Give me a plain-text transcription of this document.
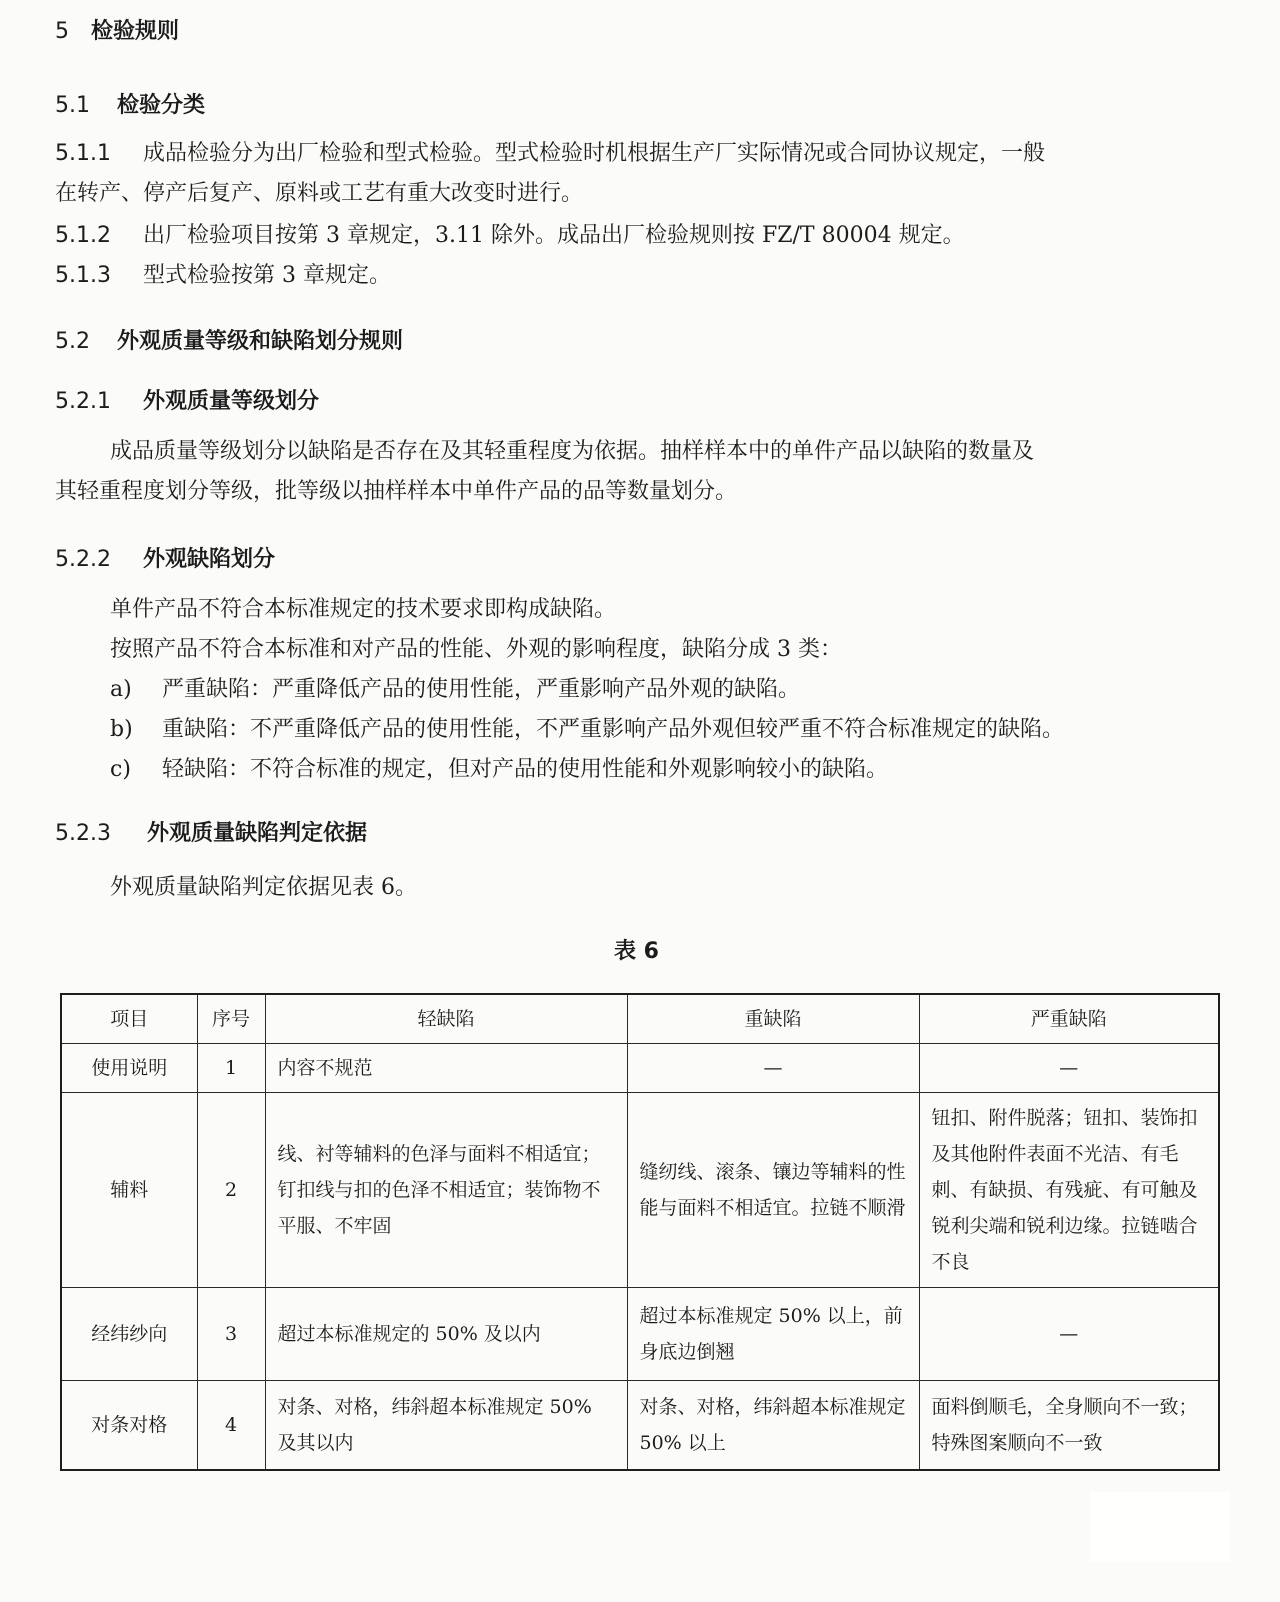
5 检验规则
5.1 检验分类
5.1.1 成品检验分为出厂检验和型式检验。型式检验时机根据生产厂实际情况或合同协议规定，一般
在转产、停产后复产、原料或工艺有重大改变时进行。
5.1.2 出厂检验项目按第 3 章规定，3.11 除外。成品出厂检验规则按 FZ/T 80004 规定。
5.1.3 型式检验按第 3 章规定。
5.2 外观质量等级和缺陷划分规则
5.2.1 外观质量等级划分
成品质量等级划分以缺陷是否存在及其轻重程度为依据。抽样样本中的单件产品以缺陷的数量及
其轻重程度划分等级，批等级以抽样样本中单件产品的品等数量划分。
5.2.2 外观缺陷划分
单件产品不符合本标准规定的技术要求即构成缺陷。
按照产品不符合本标准和对产品的性能、外观的影响程度，缺陷分成 3 类：
a) 严重缺陷：严重降低产品的使用性能，严重影响产品外观的缺陷。
b) 重缺陷：不严重降低产品的使用性能，不严重影响产品外观但较严重不符合标准规定的缺陷。
c) 轻缺陷：不符合标准的规定，但对产品的使用性能和外观影响较小的缺陷。
5.2.3 外观质量缺陷判定依据
外观质量缺陷判定依据见表 6。
表 6
项目	序号	轻缺陷	重缺陷	严重缺陷
使用说明	1	内容不规范	—	—
辅料	2	线、衬等辅料的色泽与面料不相适宜；钉扣线与扣的色泽不相适宜；装饰物不平服、不牢固	缝纫线、滚条、镶边等辅料的性能与面料不相适宜。拉链不顺滑	钮扣、附件脱落；钮扣、装饰扣及其他附件表面不光洁、有毛刺、有缺损、有残疵、有可触及锐利尖端和锐利边缘。拉链啮合不良
经纬纱向	3	超过本标准规定的 50% 及以内	超过本标准规定 50% 以上，前身底边倒翘	—
对条对格	4	对条、对格，纬斜超本标准规定 50% 及其以内	对条、对格，纬斜超本标准规定 50% 以上	面料倒顺毛，全身顺向不一致；特殊图案顺向不一致
